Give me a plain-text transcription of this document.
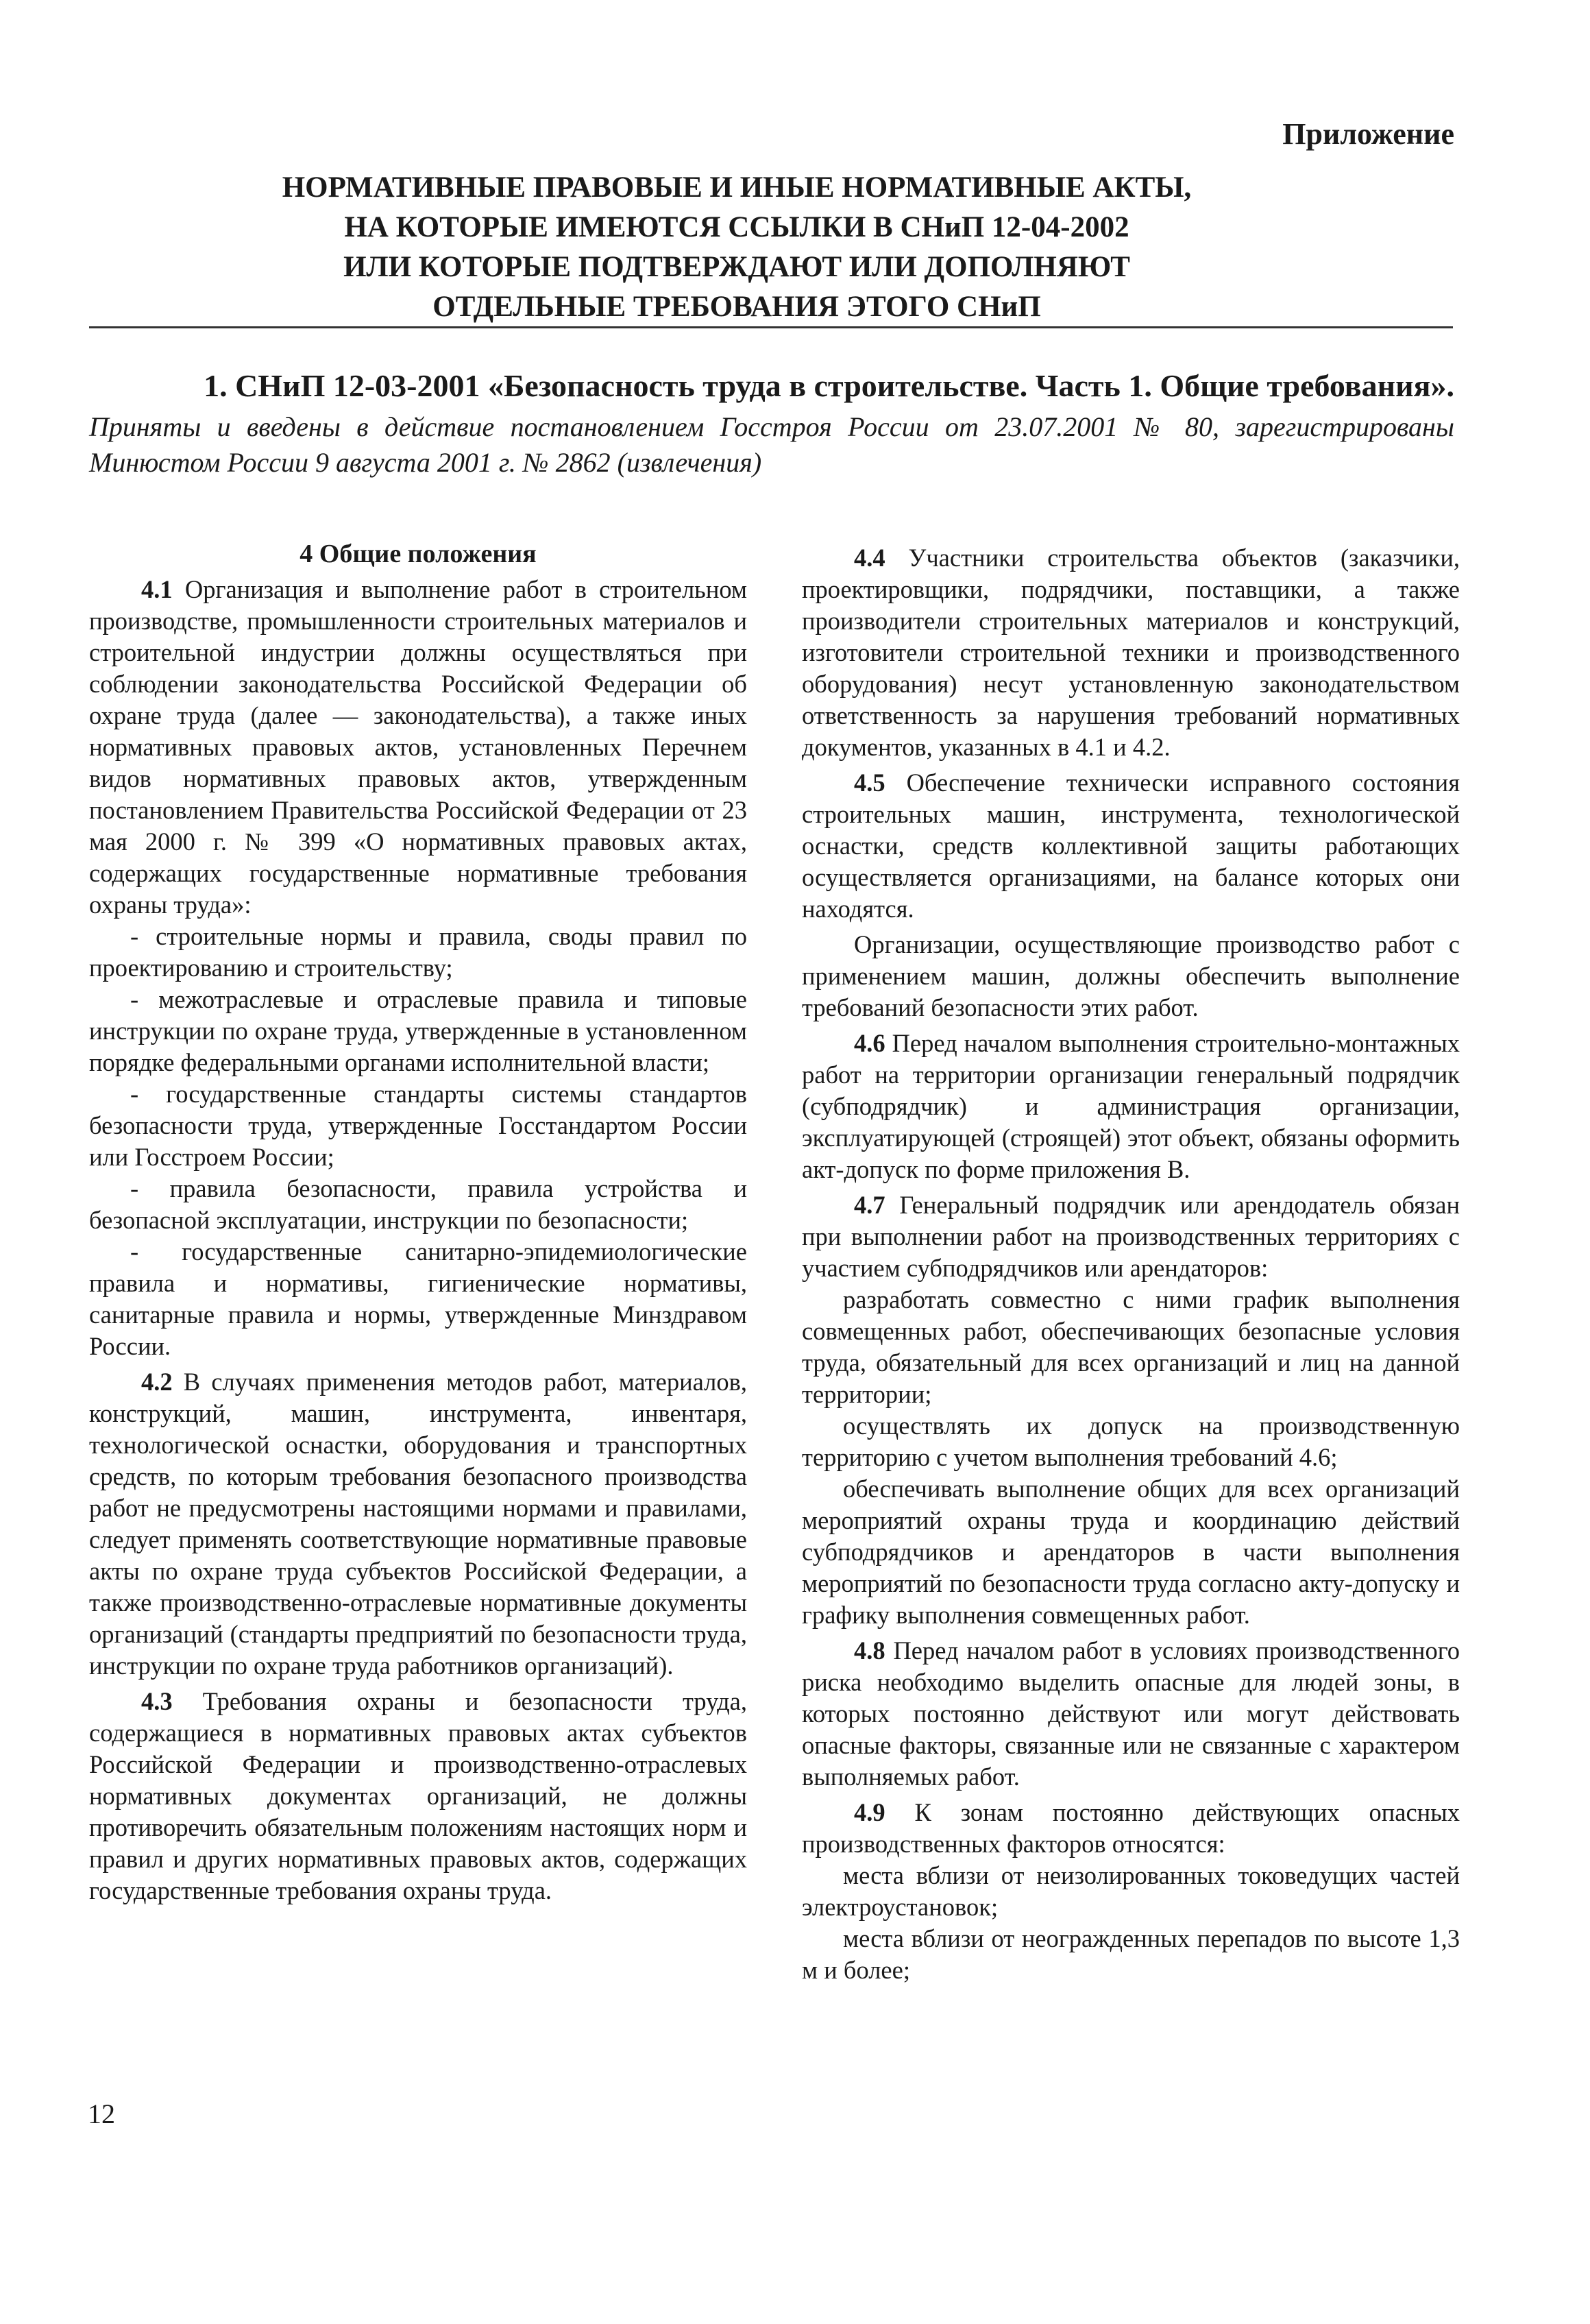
Приложение
НОРМАТИВНЫЕ ПРАВОВЫЕ И ИНЫЕ НОРМАТИВНЫЕ АКТЫ,
НА КОТОРЫЕ ИМЕЮТСЯ ССЫЛКИ В СНиП 12-04-2002
ИЛИ КОТОРЫЕ ПОДТВЕРЖДАЮТ ИЛИ ДОПОЛНЯЮТ
ОТДЕЛЬНЫЕ ТРЕБОВАНИЯ ЭТОГО СНиП
1. СНиП 12-03-2001 «Безопасность труда в строительстве. Часть 1. Общие требования».
Приняты и введены в действие постановлением Госстроя России от 23.07.2001 № 80, зарегистрированы Минюстом России 9 августа 2001 г. № 2862 (извлечения)

4 Общие положения

4.1 Организация и выполнение работ в строительном производстве, промышленности строительных материалов и строительной индустрии должны осуществляться при соблюдении законодательства Российской Федерации об охране труда (далее — законодательства), а также иных нормативных правовых актов, установленных Перечнем видов нормативных правовых актов, утвержденным постановлением Правительства Российской Федерации от 23 мая 2000 г. № 399 «О нормативных правовых актах, содержащих государственные нормативные требования охраны труда»:

- строительные нормы и правила, своды правил по проектированию и строительству;

- межотраслевые и отраслевые правила и типовые инструкции по охране труда, утвержденные в установленном порядке федеральными органами исполнительной власти;

- государственные стандарты системы стандартов безопасности труда, утвержденные Госстандартом России или Госстроем России;

- правила безопасности, правила устройства и безопасной эксплуатации, инструкции по безопасности;

- государственные санитарно-эпидемиологические правила и нормативы, гигиенические нормативы, санитарные правила и нормы, утвержденные Минздравом России.

4.2 В случаях применения методов работ, материалов, конструкций, машин, инструмента, инвентаря, технологической оснастки, оборудования и транспортных средств, по которым требования безопасного производства работ не предусмотрены настоящими нормами и правилами, следует применять соответствующие нормативные правовые акты по охране труда субъектов Российской Федерации, а также производственно-отраслевые нормативные документы организаций (стандарты предприятий по безопасности труда, инструкции по охране труда работников организаций).

4.3 Требования охраны и безопасности труда, содержащиеся в нормативных правовых актах субъектов Российской Федерации и производственно-отраслевых нормативных документах организаций, не должны противоречить обязательным положениям настоящих норм и правил и других нормативных правовых актов, содержащих государственные требования охраны труда.

4.4 Участники строительства объектов (заказчики, проектировщики, подрядчики, поставщики, а также производители строительных материалов и конструкций, изготовители строительной техники и производственного оборудования) несут установленную законодательством ответственность за нарушения требований нормативных документов, указанных в 4.1 и 4.2.

4.5 Обеспечение технически исправного состояния строительных машин, инструмента, технологической оснастки, средств коллективной защиты работающих осуществляется организациями, на балансе которых они находятся.

Организации, осуществляющие производство работ с применением машин, должны обеспечить выполнение требований безопасности этих работ.

4.6 Перед началом выполнения строительно-монтажных работ на территории организации генеральный подрядчик (субподрядчик) и администрация организации, эксплуатирующей (строящей) этот объект, обязаны оформить акт-допуск по форме приложения В.

4.7 Генеральный подрядчик или арендодатель обязан при выполнении работ на производственных территориях с участием субподрядчиков или арендаторов:

разработать совместно с ними график выполнения совмещенных работ, обеспечивающих безопасные условия труда, обязательный для всех организаций и лиц на данной территории;

осуществлять их допуск на производственную территорию с учетом выполнения требований 4.6;

обеспечивать выполнение общих для всех организаций мероприятий охраны труда и координацию действий субподрядчиков и арендаторов в части выполнения мероприятий по безопасности труда согласно акту-допуску и графику выполнения совмещенных работ.

4.8 Перед началом работ в условиях производственного риска необходимо выделить опасные для людей зоны, в которых постоянно действуют или могут действовать опасные факторы, связанные или не связанные с характером выполняемых работ.

4.9 К зонам постоянно действующих опасных производственных факторов относятся:

места вблизи от неизолированных токоведущих частей электроустановок;

места вблизи от неогражденных перепадов по высоте 1,3 м и более;

12
